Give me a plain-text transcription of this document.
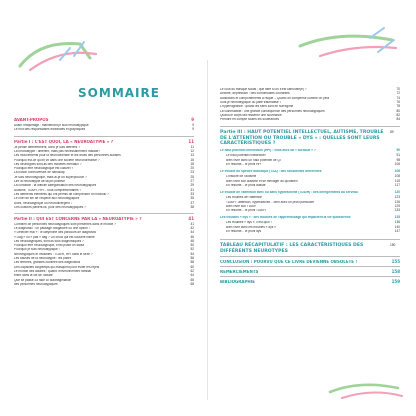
SOMMAIRE
AVANT-PROPOS	9
Avant l'étiquetage : maintenant je suis neuroatypique	9
Le mot des responsables éditoriales et graphiques	9
Partie I : C'EST QUOI, LA « NEUROATYPIE » ?	11
Je pense différemment, donc je suis différent ?	11
La neuroatypie : différent, mais pas nécessairement malade !	12
Les mouvements pour la neurodiversité et les droits des personnes autistes	13
Pourquoi est-ce qu'on vit dans une société neuronormative ?	16
Les neurotypes sont-ils des modèles mentaux ?	18
Pourquoi être neuroatypique est culturel ?	20
La notion controversée de handicap	23
Je suis neuroatypique, mais ai-je un superpouvoir ?	25
Lire la neuroatypie de façon positive	27
La condition : la difficile catégorisation des neuroatypiques	29
Autisme, TDA/H, HPI... tous complémentaires ?	31
Les différents éléments qui ont permis de comprendre un individu ?	33
Le chef de file de l'espèce aux neuroatypiques	35
Alors, neuroatypique ou neurodivergent ?	37
Ces cultures parlent-ils, pour des neuroatypiques ?	38
Partie II : QUI EST CONCERNÉ PAR LA « NEUROATYPIE » ?	41
Combien de personnes neuroatypiques sont présentes dans le monde ?	41
Le diagnostic : un passage obligatoire ou une option ?	42
« Détecter mal » : le labyrinthe des parcours de diagnostic	44
« Dag » ou « pas » dag ? Un choix qui est souvent intime	46
Les neuroatypiques, sont-ils tous diagnostiqués ?	48
Pourquoi être neuroatypique, c'est plutôt un statut	50
Pourquoi je suis neuroatypique ?	52
Neurotypiques et invisibles : TDA/H, HPI dans le sexe ?	54
Les causes de la neuroatypie : les pistes	56
Les femmes, grandes oubliées des diagnostics	58
Des capacités longtemps qui masquent pour éviter les rejets	60
Le monde des adultes : quand l'environnement familial	62
entre dans la vie de l'adulte	64
Que se passe-t-il face à l'autoflagellation	66
des personnes neuroatypiques	68
Le coût du masque social : que faire si on s'est camouflé(e) ?	70
Anxiété, dépression : des comorbidités courantes	72
Addictions et comportements à risque – Quand on compense comme on peut	74
Suis-je neuroatypique ou juste traumatisé ?	76
L'hypervigilance : quand les sens sont en surrégime	78
La vulnérabilité : une grande conséquence des personnes neuroatypiques	80
Quand le corps fait ressentir une souffrance	82
Prendre en compte toutes les souffrances	84
Partie III : HAUT POTENTIEL INTELLECTUEL, AUTISME, TROUBLE DE L'ATTENTION OU TROUBLE « DYS » : QUELLES SONT LEURS CARACTÉRISTIQUES ?
89
Le haut potentiel intellectuel (HPI) : vous avez dit « surdoué » ?	90
Le haut potentiel intellectuel	91
Bien vivre avec un haut potentiel de QI	98
En résumé... le profil HPI	106
Le trouble du spectre autistique (TSA) : des sensibilités différentes	108
L'histoire de l'autisme	108
Bien vivre son autisme et se ménager au quotidien	115
En résumé... le profil autiste	117
Le trouble de l'attention avec ou sans hyperactivité (TDA/H) : des dérèglements du cerveau	120
Les troubles de l'attention	123
TDA/H : attention, hyperactivité... bien avec un profil particulier	126
Bien vivre son TDA/H	129
En résumé... le profil TDA/H	133
Les troubles « dys » : des troubles de l'apprentissage qui impactent la vie quotidienne	135
Les troubles « dys », c'est quoi ?	136
Bien vivre avec les troubles « dys »	140
En résumé... le profil dys	147
TABLEAU RÉCAPITULATIF : LES CARACTÉRISTIQUES DES DIFFÉRENTS NEUROTYPES
150
CONCLUSION : POURVU QUE CE LIVRE DEVIENNE OBSOLÈTE !	155
REMERCIEMENTS	158
BIBLIOGRAPHIE	159
